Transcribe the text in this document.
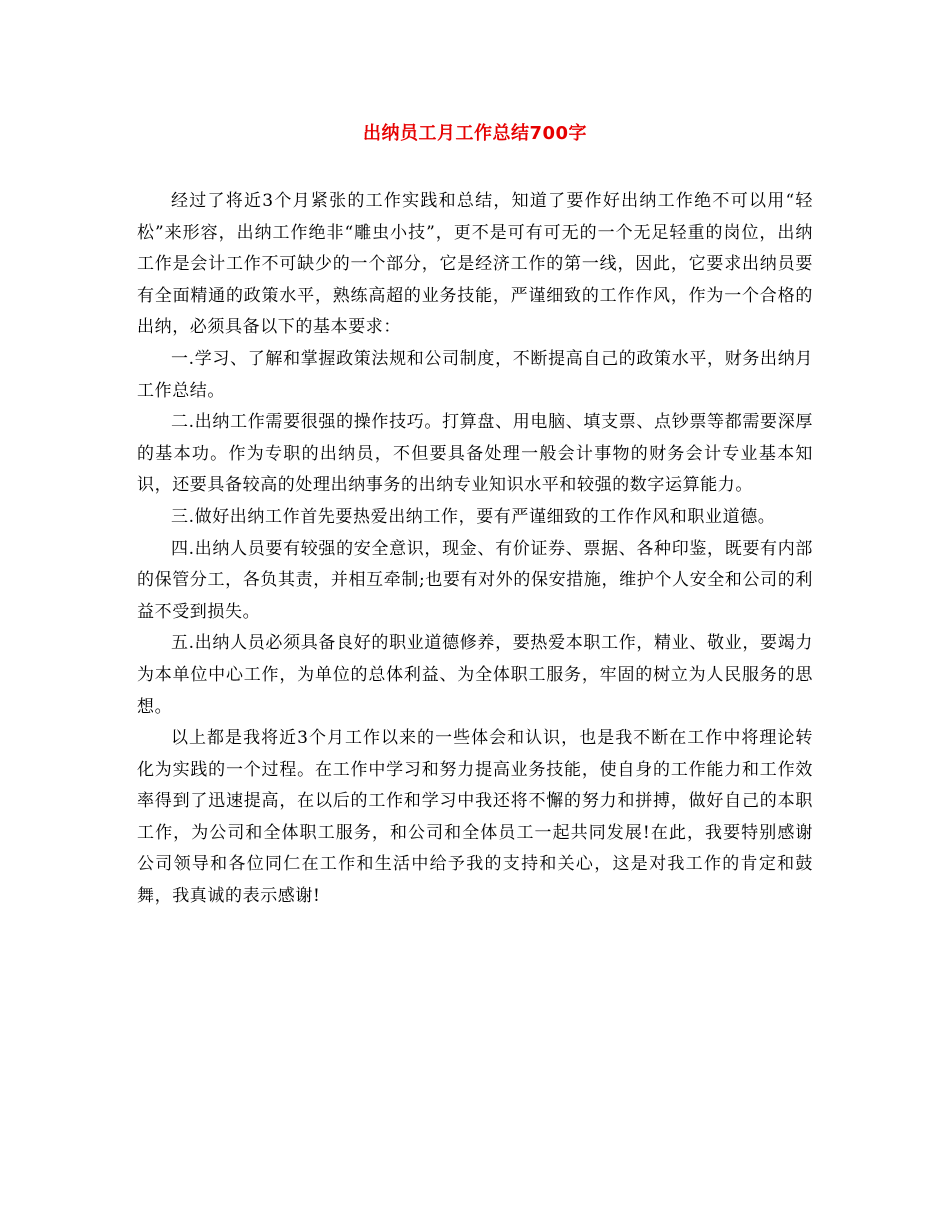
出纳员工月工作总结700字

经过了将近3个月紧张的工作实践和总结，知道了要作好出纳工作绝不可以用“轻松”来形容，出纳工作绝非“雕虫小技”，更不是可有可无的一个无足轻重的岗位，出纳工作是会计工作不可缺少的一个部分，它是经济工作的第一线，因此，它要求出纳员要有全面精通的政策水平，熟练高超的业务技能，严谨细致的工作作风，作为一个合格的出纳，必须具备以下的基本要求：

一.学习、了解和掌握政策法规和公司制度，不断提高自己的政策水平，财务出纳月工作总结。

二.出纳工作需要很强的操作技巧。打算盘、用电脑、填支票、点钞票等都需要深厚的基本功。作为专职的出纳员，不但要具备处理一般会计事物的财务会计专业基本知识，还要具备较高的处理出纳事务的出纳专业知识水平和较强的数字运算能力。

三.做好出纳工作首先要热爱出纳工作，要有严谨细致的工作作风和职业道德。

四.出纳人员要有较强的安全意识，现金、有价证券、票据、各种印鉴，既要有内部的保管分工，各负其责，并相互牵制;也要有对外的保安措施，维护个人安全和公司的利益不受到损失。

五.出纳人员必须具备良好的职业道德修养，要热爱本职工作，精业、敬业，要竭力为本单位中心工作，为单位的总体利益、为全体职工服务，牢固的树立为人民服务的思想。

以上都是我将近3个月工作以来的一些体会和认识，也是我不断在工作中将理论转化为实践的一个过程。在工作中学习和努力提高业务技能，使自身的工作能力和工作效率得到了迅速提高，在以后的工作和学习中我还将不懈的努力和拼搏，做好自己的本职工作，为公司和全体职工服务，和公司和全体员工一起共同发展!在此，我要特别感谢公司领导和各位同仁在工作和生活中给予我的支持和关心，这是对我工作的肯定和鼓舞，我真诚的表示感谢!
